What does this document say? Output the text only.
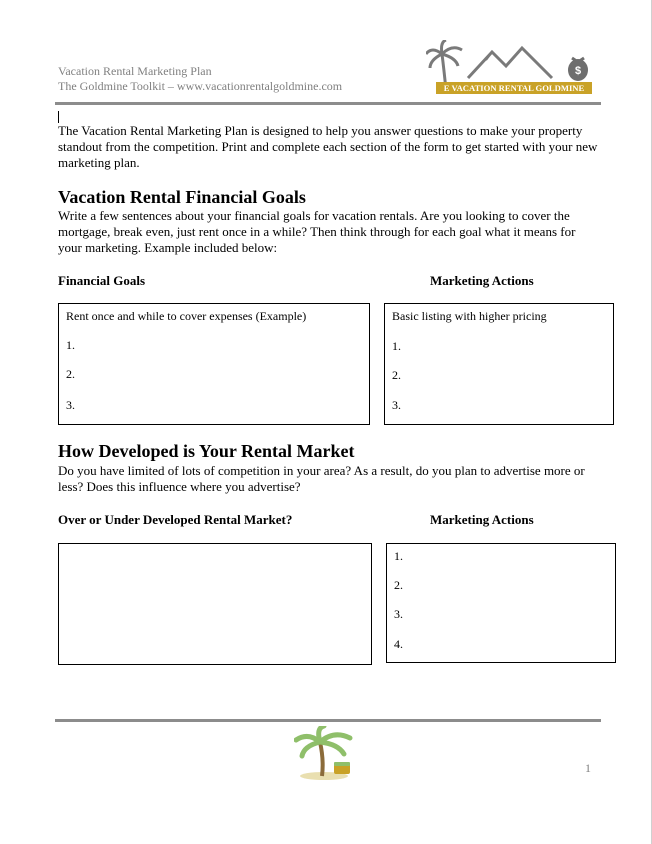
Vacation Rental Marketing Plan
The Goldmine Toolkit – www.vacationrentalgoldmine.com
$
E VACATION RENTAL GOLDMINE
The Vacation Rental Marketing Plan is designed to help you answer questions to make your property standout from the competition. Print and complete each section of the form to get started with your new marketing plan.
Vacation Rental Financial Goals
Write a few sentences about your financial goals for vacation rentals. Are you looking to cover the mortgage, break even, just rent once in a while? Then think through for each goal what it means for your marketing. Example included below:
Financial Goals	Marketing Actions
Rent once and while to cover expenses (Example)
1.
2.
3.
Basic listing with higher pricing
1.
2.
3.
How Developed is Your Rental Market
Do you have limited of lots of competition in your area? As a result, do you plan to advertise more or less? Does this influence where you advertise?
Over or Under Developed Rental Market?	Marketing Actions
1.
2.
3.
4.
1
